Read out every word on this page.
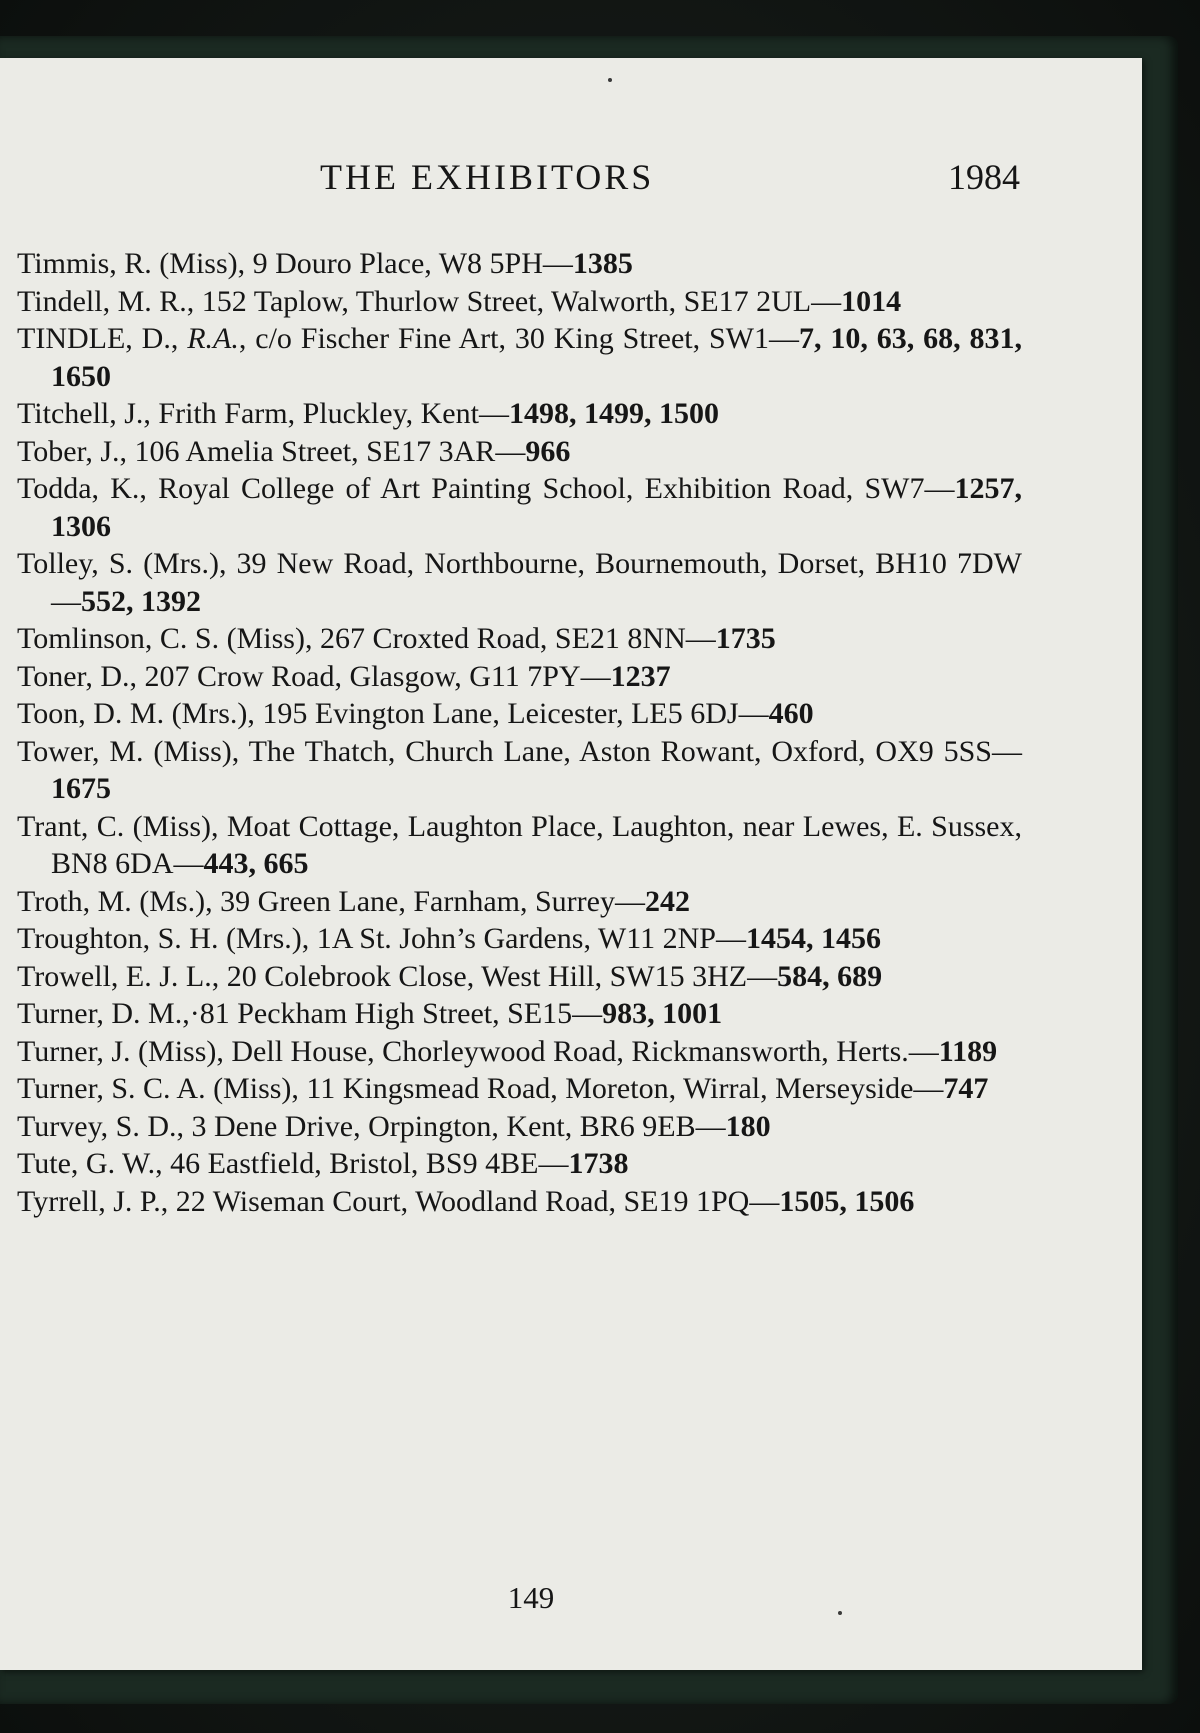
THE EXHIBITORS	1984
Timmis, R. (Miss), 9 Douro Place, W8 5PH—1385
Tindell, M. R., 152 Taplow, Thurlow Street, Walworth, SE17 2UL—1014
TINDLE, D., R.A., c/o Fischer Fine Art, 30 King Street, SW1—7, 10, 63, 68, 831, 1650
Titchell, J., Frith Farm, Pluckley, Kent—1498, 1499, 1500
Tober, J., 106 Amelia Street, SE17 3AR—966
Todda, K., Royal College of Art Painting School, Exhibition Road, SW7—1257, 1306
Tolley, S. (Mrs.), 39 New Road, Northbourne, Bournemouth, Dorset, BH10 7DW—552, 1392
Tomlinson, C. S. (Miss), 267 Croxted Road, SE21 8NN—1735
Toner, D., 207 Crow Road, Glasgow, G11 7PY—1237
Toon, D. M. (Mrs.), 195 Evington Lane, Leicester, LE5 6DJ—460
Tower, M. (Miss), The Thatch, Church Lane, Aston Rowant, Oxford, OX9 5SS—1675
Trant, C. (Miss), Moat Cottage, Laughton Place, Laughton, near Lewes, E. Sussex, BN8 6DA—443, 665
Troth, M. (Ms.), 39 Green Lane, Farnham, Surrey—242
Troughton, S. H. (Mrs.), 1A St. John’s Gardens, W11 2NP—1454, 1456
Trowell, E. J. L., 20 Colebrook Close, West Hill, SW15 3HZ—584, 689
Turner, D. M.,·81 Peckham High Street, SE15—983, 1001
Turner, J. (Miss), Dell House, Chorleywood Road, Rickmansworth, Herts.—1189
Turner, S. C. A. (Miss), 11 Kingsmead Road, Moreton, Wirral, Merseyside—747
Turvey, S. D., 3 Dene Drive, Orpington, Kent, BR6 9EB—180
Tute, G. W., 46 Eastfield, Bristol, BS9 4BE—1738
Tyrrell, J. P., 22 Wiseman Court, Woodland Road, SE19 1PQ—1505, 1506
149
